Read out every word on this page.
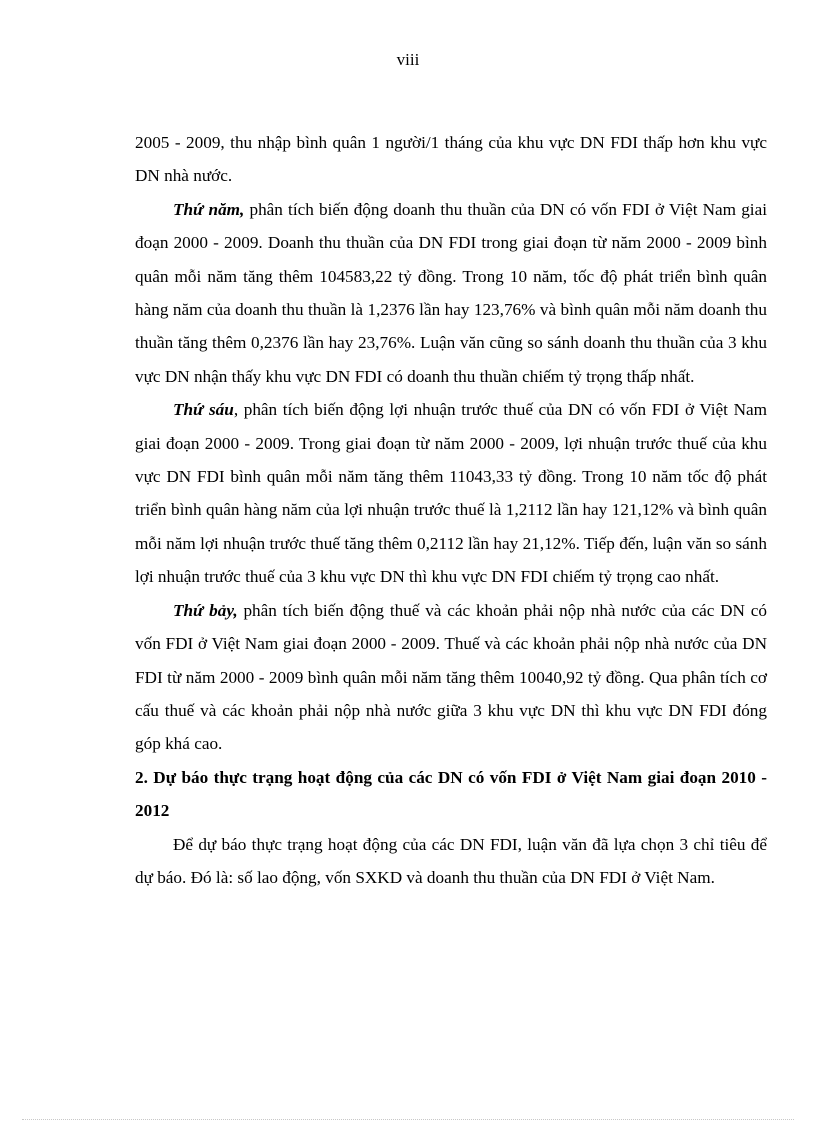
viii

2005 - 2009, thu nhập bình quân 1 người/1 tháng của khu vực DN FDI thấp hơn khu vực DN nhà nước.

Thứ năm, phân tích biến động doanh thu thuần của DN có vốn FDI ở Việt Nam giai đoạn 2000 - 2009. Doanh thu thuần của DN FDI trong giai đoạn từ năm 2000 - 2009 bình quân mỗi năm tăng thêm 104583,22 tỷ đồng. Trong 10 năm, tốc độ phát triển bình quân hàng năm của doanh thu thuần là 1,2376 lần hay 123,76% và bình quân mỗi năm doanh thu thuần tăng thêm 0,2376 lần hay 23,76%. Luận văn cũng so sánh doanh thu thuần của 3 khu vực DN nhận thấy khu vực DN FDI có doanh thu thuần chiếm tỷ trọng thấp nhất.

Thứ sáu, phân tích biến động lợi nhuận trước thuế của DN có vốn FDI ở Việt Nam giai đoạn 2000 - 2009. Trong giai đoạn từ năm 2000 - 2009, lợi nhuận trước thuế của khu vực DN FDI bình quân mỗi năm tăng thêm 11043,33 tỷ đồng. Trong 10 năm tốc độ phát triển bình quân hàng năm của lợi nhuận trước thuế là 1,2112 lần hay 121,12% và bình quân mỗi năm lợi nhuận trước thuế tăng thêm 0,2112 lần hay 21,12%. Tiếp đến, luận văn so sánh lợi nhuận trước thuế của 3 khu vực DN thì khu vực DN FDI chiếm tỷ trọng cao nhất.

Thứ bảy, phân tích biến động thuế và các khoản phải nộp nhà nước của các DN có vốn FDI ở Việt Nam giai đoạn 2000 - 2009. Thuế và các khoản phải nộp nhà nước của DN FDI từ năm 2000 - 2009 bình quân mỗi năm tăng thêm 10040,92 tỷ đồng. Qua phân tích cơ cấu thuế và các khoản phải nộp nhà nước giữa 3 khu vực DN thì khu vực DN FDI đóng góp khá cao.

2. Dự báo thực trạng hoạt động của các DN có vốn FDI ở Việt Nam giai đoạn 2010 - 2012

Để dự báo thực trạng hoạt động của các DN FDI, luận văn đã lựa chọn 3 chỉ tiêu để dự báo. Đó là: số lao động, vốn SXKD và doanh thu thuần của DN FDI ở Việt Nam.
